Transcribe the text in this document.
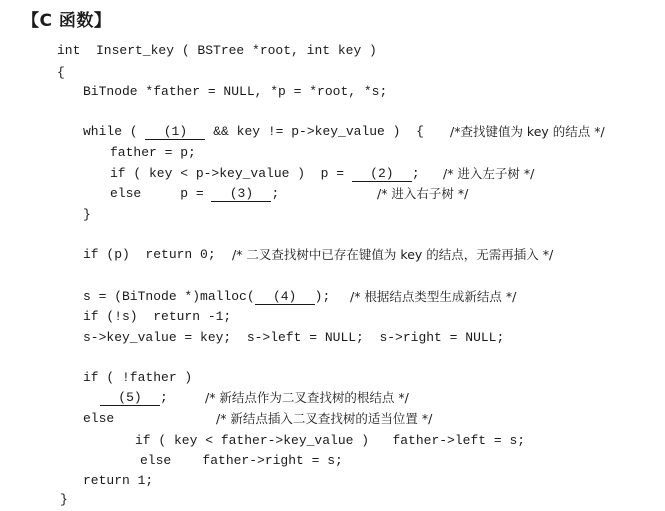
【C 函数】
int  Insert_key ( BSTree *root, int key )
{
BiTnode *father = NULL, *p = *root, *s;
while ( (1) && key != p->key_value )  { /*查找键值为 key 的结点 */
father = p;
if ( key < p->key_value )  p = (2) ; /* 进入左子树 */
else     p = (3) ;	/* 进入右子树 */
}
if (p)  return 0; /* 二叉查找树中已存在键值为 key 的结点，无需再插入 */
s = (BiTnode *)malloc( (4) ); /* 根据结点类型生成新结点 */
if (!s)  return -1;
s->key_value = key;  s->left = NULL;  s->right = NULL;
if ( !father )
(5) ;	/* 新结点作为二叉查找树的根结点 */
else	/* 新结点插入二叉查找树的适当位置 */
if ( key < father->key_value )   father->left = s;
else    father->right = s;
return 1;
}
